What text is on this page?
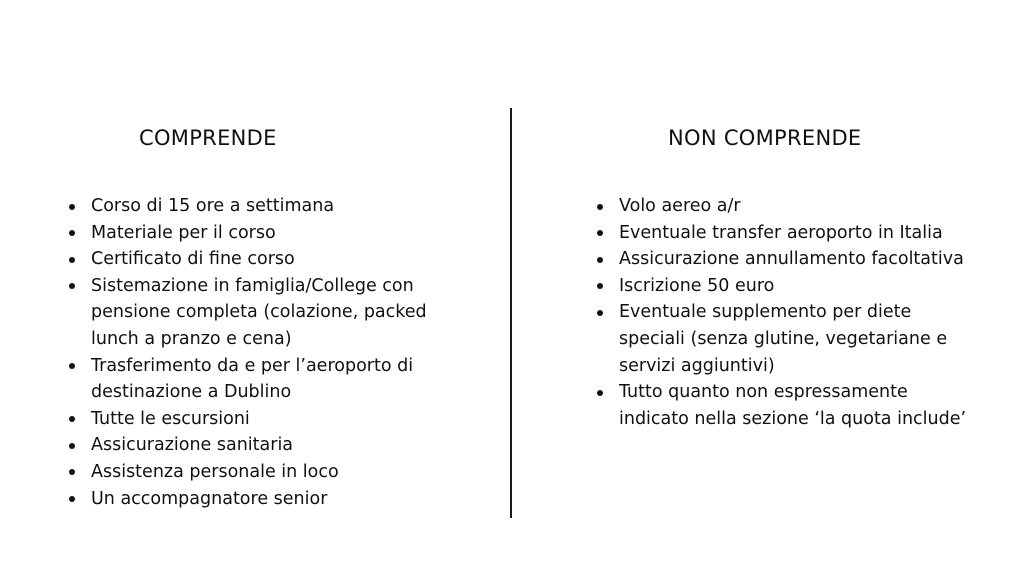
COMPRENDE	NON COMPRENDE
Corso di 15 ore a settimana
Materiale per il corso
Certificato di fine corso
Sistemazione in famiglia/College con pensione completa (colazione, packed lunch a pranzo e cena)
Trasferimento da e per l’aeroporto di destinazione a Dublino
Tutte le escursioni
Assicurazione sanitaria
Assistenza personale in loco
Un accompagnatore senior
Volo aereo a/r
Eventuale transfer aeroporto in Italia
Assicurazione annullamento facoltativa
Iscrizione 50 euro
Eventuale supplemento per diete speciali (senza glutine, vegetariane e servizi aggiuntivi)
Tutto quanto non espressamente indicato nella sezione ‘la quota include’
